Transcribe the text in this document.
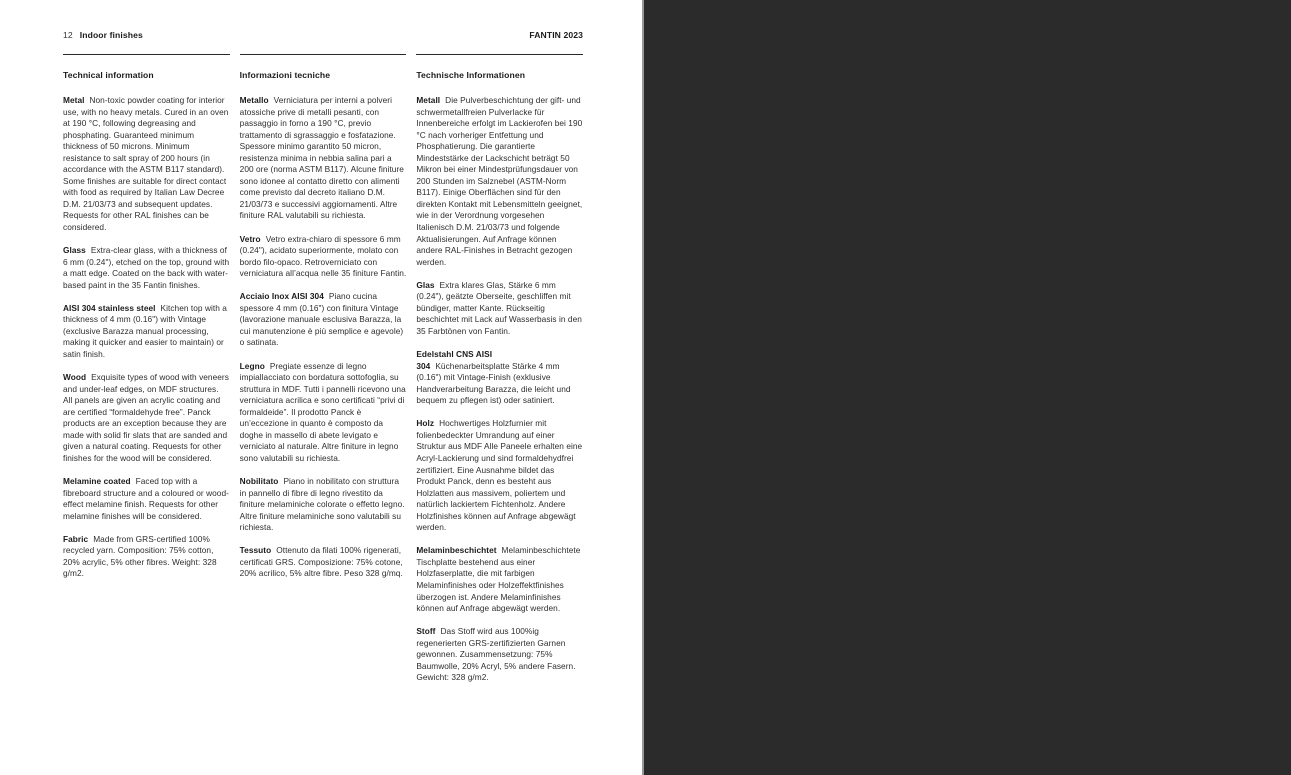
12 Indoor finishes	FANTIN 2023
Technical information

Metal Non-toxic powder coating for interior use, with no heavy metals. Cured in an oven at 190 °C, following degreasing and phosphating. Guaranteed minimum thickness of 50 microns. Minimum resistance to salt spray of 200 hours (in accordance with the ASTM B117 standard). Some finishes are suitable for direct contact with food as required by Italian Law Decree D.M. 21/03/73 and subsequent updates. Requests for other RAL finishes can be considered.

Glass Extra-clear glass, with a thickness of 6 mm (0.24"), etched on the top, ground with a matt edge. Coated on the back with water-based paint in the 35 Fantin finishes.

AISI 304 stainless steel Kitchen top with a thickness of 4 mm (0.16") with Vintage (exclusive Barazza manual processing, making it quicker and easier to maintain) or satin finish.

Wood Exquisite types of wood with veneers and under-leaf edges, on MDF structures. All panels are given an acrylic coating and are certified “formaldehyde free”. Panck products are an exception because they are made with solid fir slats that are sanded and given a natural coating. Requests for other finishes for the wood will be considered.

Melamine coated Faced top with a fibreboard structure and a coloured or wood-effect melamine finish. Requests for other melamine finishes will be considered.

Fabric Made from GRS-certified 100% recycled yarn. Composition: 75% cotton, 20% acrylic, 5% other fibres. Weight: 328 g/m2.

Informazioni tecniche

Metallo Verniciatura per interni a polveri atossiche prive di metalli pesanti, con passaggio in forno a 190 °C, previo trattamento di sgrassaggio e fosfatazione. Spessore minimo garantito 50 micron, resistenza minima in nebbia salina pari a 200 ore (norma ASTM B117). Alcune finiture sono idonee al contatto diretto con alimenti come previsto dal decreto italiano D.M. 21/03/73 e successivi aggiornamenti. Altre finiture RAL valutabili su richiesta.

Vetro Vetro extra-chiaro di spessore 6 mm (0.24"), acidato superiormente, molato con bordo filo-opaco. Retroverniciato con verniciatura all’acqua nelle 35 finiture Fantin.

Acciaio Inox AISI 304 Piano cucina spessore 4 mm (0.16") con finitura Vintage (lavorazione manuale esclusiva Barazza, la cui manutenzione è più semplice e agevole) o satinata.

Legno Pregiate essenze di legno impiallacciato con bordatura sottofoglia, su struttura in MDF. Tutti i pannelli ricevono una verniciatura acrilica e sono certificati “privi di formaldeide”. Il prodotto Panck è un’eccezione in quanto è composto da doghe in massello di abete levigato e verniciato al naturale. Altre finiture in legno sono valutabili su richiesta.

Nobilitato Piano in nobilitato con struttura in pannello di fibre di legno rivestito da finiture melaminiche colorate o effetto legno. Altre finiture melaminiche sono valutabili su richiesta.

Tessuto Ottenuto da filati 100% rigenerati, certificati GRS. Composizione: 75% cotone, 20% acrilico, 5% altre fibre. Peso 328 g/mq.

Technische Informationen

Metall Die Pulverbeschichtung der gift- und schwermetallfreien Pulverlacke für Innenbereiche erfolgt im Lackierofen bei 190 °C nach vorheriger Entfettung und Phosphatierung. Die garantierte Mindeststärke der Lackschicht beträgt 50 Mikron bei einer Mindestprüfungsdauer von 200 Stunden im Salznebel (ASTM-Norm B117). Einige Oberflächen sind für den direkten Kontakt mit Lebensmitteln geeignet, wie in der Verordnung vorgesehen Italienisch D.M. 21/03/73 und folgende Aktualisierungen. Auf Anfrage können andere RAL-Finishes in Betracht gezogen werden.

Glas Extra klares Glas, Stärke 6 mm (0.24"), geätzte Oberseite, geschliffen mit bündiger, matter Kante. Rückseitig beschichtet mit Lack auf Wasserbasis in den 35 Farbtönen von Fantin.

Edelstahl CNS AISI 304 Küchenarbeitsplatte Stärke 4 mm (0.16") mit Vintage-Finish (exklusive Handverarbeitung Barazza, die leicht und bequem zu pflegen ist) oder satiniert.

Holz Hochwertiges Holzfurnier mit folienbedeckter Umrandung auf einer Struktur aus MDF Alle Paneele erhalten eine Acryl-Lackierung und sind formaldehydfrei zertifiziert. Eine Ausnahme bildet das Produkt Panck, denn es besteht aus Holzlatten aus massivem, poliertem und natürlich lackiertem Fichtenholz. Andere Holzfinishes können auf Anfrage abgewägt werden.

Melaminbeschichtet Melaminbeschichtete Tischplatte bestehend aus einer Holzfaserplatte, die mit farbigen Melaminfinishes oder Holzeffektfinishes überzogen ist. Andere Melaminfinishes können auf Anfrage abgewägt werden.

Stoff Das Stoff wird aus 100%ig regenerierten GRS-zertifizierten Garnen gewonnen. Zusammensetzung: 75% Baumwolle, 20% Acryl, 5% andere Fasern. Gewicht: 328 g/m2.
